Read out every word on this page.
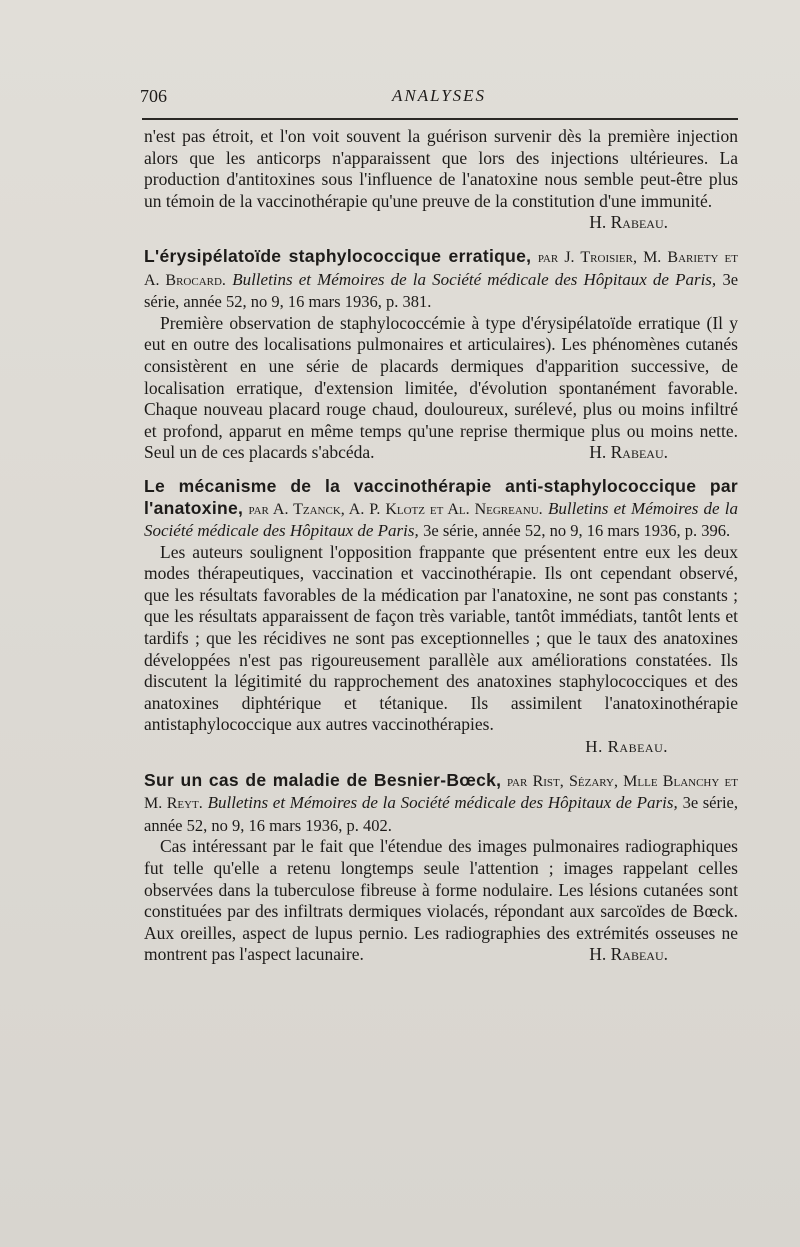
706	ANALYSES

n'est pas étroit, et l'on voit souvent la guérison survenir dès la première injection alors que les anticorps n'apparaissent que lors des injections ultérieures. La production d'antitoxines sous l'influence de l'anatoxine nous semble peut-être plus un témoin de la vaccinothérapie qu'une preuve de la constitution d'une immunité.
H. Rabeau.

L'érysipélatoïde staphylococcique erratique, par J. Troisier, M. Bariety et A. Brocard. Bulletins et Mémoires de la Société médicale des Hôpitaux de Paris, 3e série, année 52, no 9, 16 mars 1936, p. 381.

Première observation de staphylococcémie à type d'érysipélatoïde erratique (Il y eut en outre des localisations pulmonaires et articulaires). Les phénomènes cutanés consistèrent en une série de placards dermiques d'apparition successive, de localisation erratique, d'extension limitée, d'évolution spontanément favorable. Chaque nouveau placard rouge chaud, douloureux, surélevé, plus ou moins infiltré et profond, apparut en même temps qu'une reprise thermique plus ou moins nette. Seul un de ces placards s'abcéda.	H. Rabeau.

Le mécanisme de la vaccinothérapie anti-staphylococcique par l'anatoxine, par A. Tzanck, A. P. Klotz et Al. Negreanu. Bulletins et Mémoires de la Société médicale des Hôpitaux de Paris, 3e série, année 52, no 9, 16 mars 1936, p. 396.

Les auteurs soulignent l'opposition frappante que présentent entre eux les deux modes thérapeutiques, vaccination et vaccinothérapie. Ils ont cependant observé, que les résultats favorables de la médication par l'anatoxine, ne sont pas constants ; que les résultats apparaissent de façon très variable, tantôt immédiats, tantôt lents et tardifs ; que les récidives ne sont pas exceptionnelles ; que le taux des anatoxines développées n'est pas rigoureusement parallèle aux améliorations constatées. Ils discutent la légitimité du rapprochement des anatoxines staphylococciques et des anatoxines diphtérique et tétanique. Ils assimilent l'anatoxinothérapie antistaphylococcique aux autres vaccinothérapies.

H. Rabeau.

Sur un cas de maladie de Besnier-Bœck, par Rist, Sézary, Mlle Blanchy et M. Reyt. Bulletins et Mémoires de la Société médicale des Hôpitaux de Paris, 3e série, année 52, no 9, 16 mars 1936, p. 402.

Cas intéressant par le fait que l'étendue des images pulmonaires radiographiques fut telle qu'elle a retenu longtemps seule l'attention ; images rappelant celles observées dans la tuberculose fibreuse à forme nodulaire. Les lésions cutanées sont constituées par des infiltrats dermiques violacés, répondant aux sarcoïdes de Bœck. Aux oreilles, aspect de lupus pernio. Les radiographies des extrémités osseuses ne montrent pas l'aspect lacunaire.	H. Rabeau.
